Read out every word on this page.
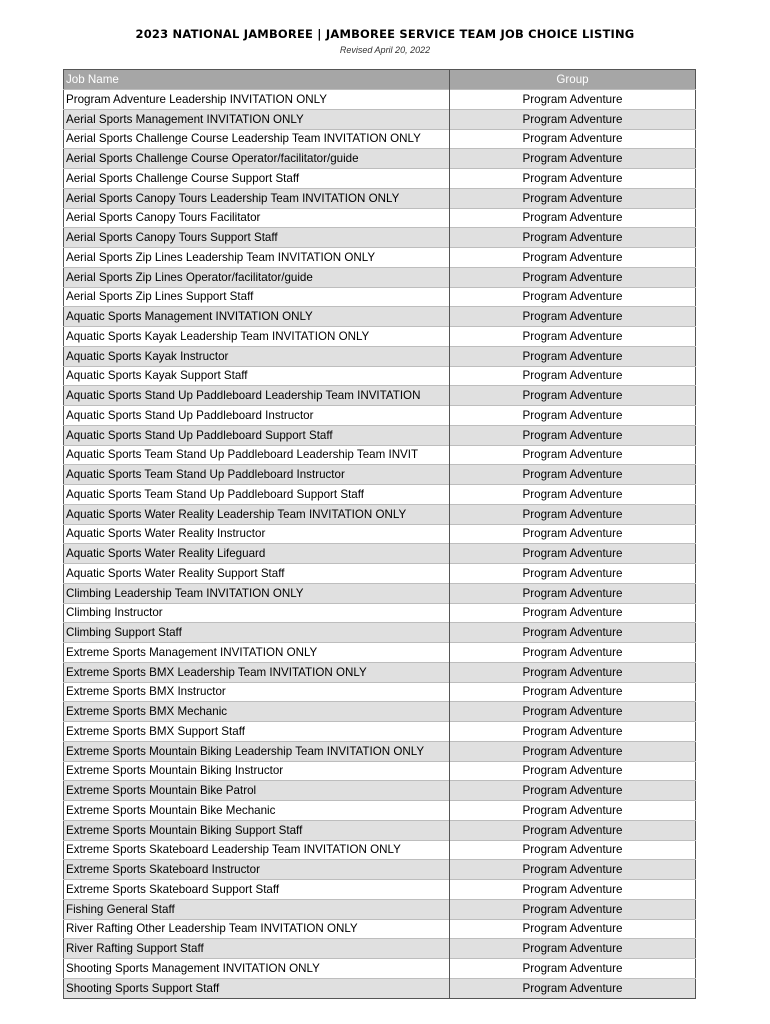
2023 NATIONAL JAMBOREE | JAMBOREE SERVICE TEAM JOB CHOICE LISTING
Revised April 20, 2022
Job Name	Group
Program Adventure Leadership INVITATION ONLY	Program Adventure
Aerial Sports Management INVITATION ONLY	Program Adventure
Aerial Sports Challenge Course Leadership Team INVITATION ONLY	Program Adventure
Aerial Sports Challenge Course Operator/facilitator/guide	Program Adventure
Aerial Sports Challenge Course Support Staff	Program Adventure
Aerial Sports Canopy Tours Leadership Team INVITATION ONLY	Program Adventure
Aerial Sports Canopy Tours Facilitator	Program Adventure
Aerial Sports Canopy Tours Support Staff	Program Adventure
Aerial Sports Zip Lines Leadership Team INVITATION ONLY	Program Adventure
Aerial Sports Zip Lines Operator/facilitator/guide	Program Adventure
Aerial Sports Zip Lines Support Staff	Program Adventure
Aquatic Sports Management INVITATION ONLY	Program Adventure
Aquatic Sports Kayak Leadership Team INVITATION ONLY	Program Adventure
Aquatic Sports Kayak Instructor	Program Adventure
Aquatic Sports Kayak Support Staff	Program Adventure
Aquatic Sports Stand Up Paddleboard Leadership Team INVITATION	Program Adventure
Aquatic Sports Stand Up Paddleboard Instructor	Program Adventure
Aquatic Sports Stand Up Paddleboard Support Staff	Program Adventure
Aquatic Sports Team Stand Up Paddleboard Leadership Team INVIT	Program Adventure
Aquatic Sports Team Stand Up Paddleboard Instructor	Program Adventure
Aquatic Sports Team Stand Up Paddleboard Support Staff	Program Adventure
Aquatic Sports Water Reality Leadership Team INVITATION ONLY	Program Adventure
Aquatic Sports Water Reality Instructor	Program Adventure
Aquatic Sports Water Reality Lifeguard	Program Adventure
Aquatic Sports Water Reality Support Staff	Program Adventure
Climbing Leadership Team INVITATION ONLY	Program Adventure
Climbing Instructor	Program Adventure
Climbing Support Staff	Program Adventure
Extreme Sports Management INVITATION ONLY	Program Adventure
Extreme Sports BMX Leadership Team INVITATION ONLY	Program Adventure
Extreme Sports BMX Instructor	Program Adventure
Extreme Sports BMX Mechanic	Program Adventure
Extreme Sports BMX Support Staff	Program Adventure
Extreme Sports Mountain Biking Leadership Team INVITATION ONLY	Program Adventure
Extreme Sports Mountain Biking Instructor	Program Adventure
Extreme Sports Mountain Bike Patrol	Program Adventure
Extreme Sports Mountain Bike Mechanic	Program Adventure
Extreme Sports Mountain Biking Support Staff	Program Adventure
Extreme Sports Skateboard Leadership Team INVITATION ONLY	Program Adventure
Extreme Sports Skateboard Instructor	Program Adventure
Extreme Sports Skateboard Support Staff	Program Adventure
Fishing General Staff	Program Adventure
River Rafting Other Leadership Team INVITATION ONLY	Program Adventure
River Rafting Support Staff	Program Adventure
Shooting Sports Management INVITATION ONLY	Program Adventure
Shooting Sports Support Staff	Program Adventure
